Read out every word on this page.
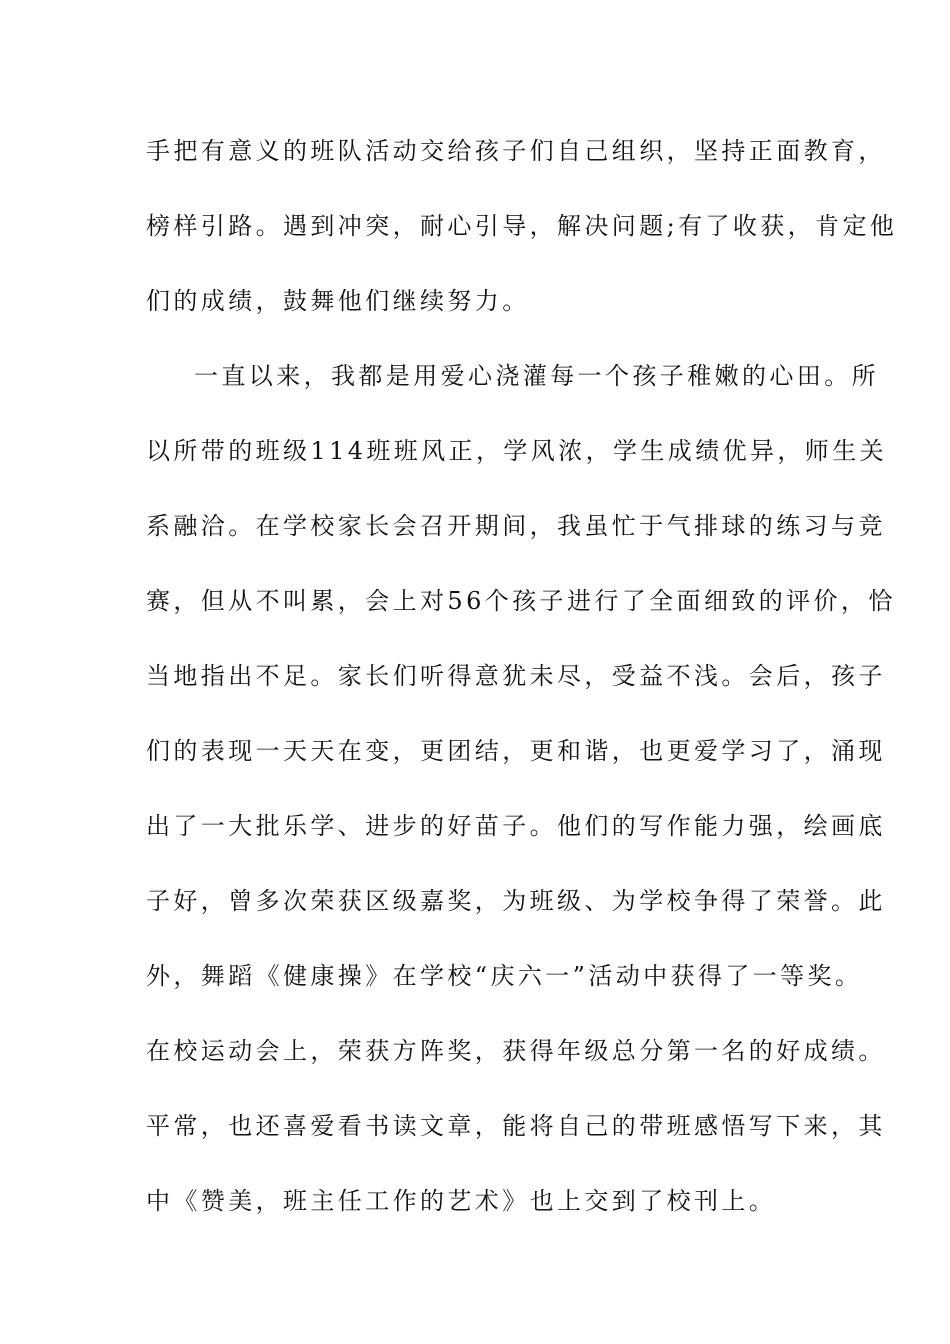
手把有意义的班队活动交给孩子们自己组织，坚持正面教育，
榜样引路。遇到冲突，耐心引导，解决问题;有了收获，肯定他
们的成绩，鼓舞他们继续努力。
一直以来，我都是用爱心浇灌每一个孩子稚嫩的心田。所
以所带的班级114班班风正，学风浓，学生成绩优异，师生关
系融洽。在学校家长会召开期间，我虽忙于气排球的练习与竞
赛，但从不叫累，会上对56个孩子进行了全面细致的评价，恰
当地指出不足。家长们听得意犹未尽，受益不浅。会后，孩子
们的表现一天天在变，更团结，更和谐，也更爱学习了，涌现
出了一大批乐学、进步的好苗子。他们的写作能力强，绘画底
子好，曾多次荣获区级嘉奖，为班级、为学校争得了荣誉。此
外，舞蹈《健康操》在学校“庆六一”活动中获得了一等奖。
在校运动会上，荣获方阵奖，获得年级总分第一名的好成绩。
平常，也还喜爱看书读文章，能将自己的带班感悟写下来，其
中《赞美，班主任工作的艺术》也上交到了校刊上。
